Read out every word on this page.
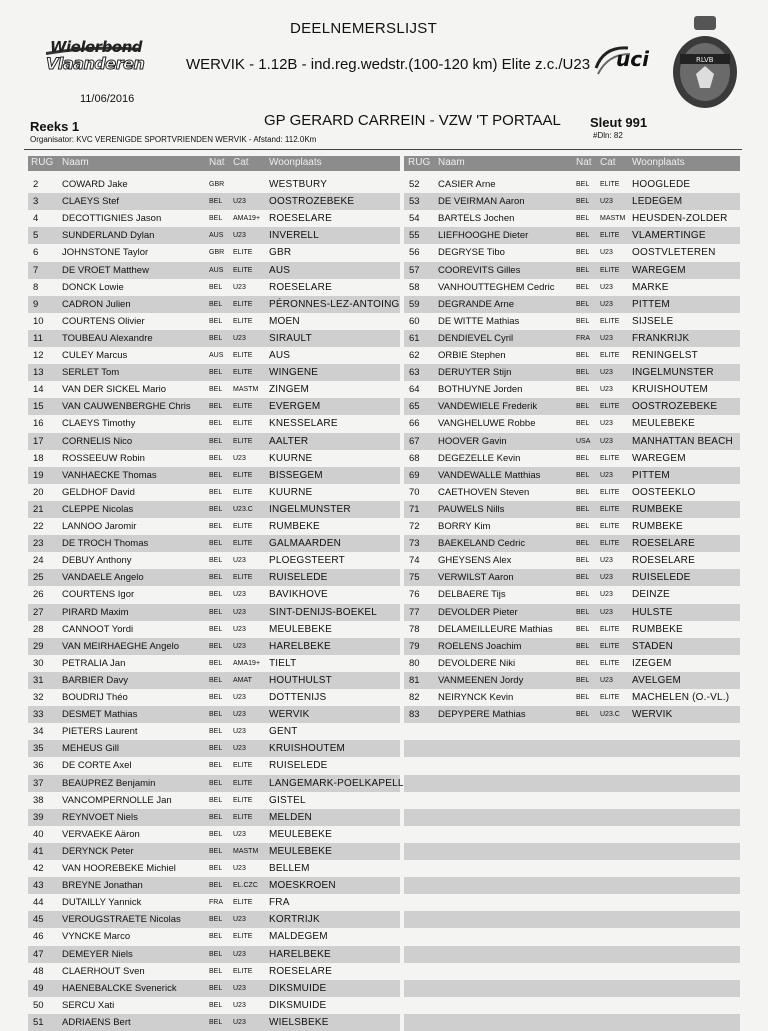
Wielerbond
Vlaanderen
11/06/2016
DEELNEMERSLIJST
WERVIK - 1.12B - ind.reg.wedstr.(100-120 km) Elite z.c./U23 uci	RLVB
Reeks 1
Organisator: KVC VERENIGDE SPORTVRIENDEN WERVIK - Afstand: 112.0Km
GP GERARD CARREIN - VZW 'T PORTAAL Sleut 991
#Dln: 82
RUG Naam	Nat Cat Woonplaats	RUG Naam	Nat Cat Woonplaats
2 COWARD Jake	GBR	WESTBURY
3 CLAEYS Stef	BEL U23 OOSTROZEBEKE
4 DECOTTIGNIES Jason	BEL AMA19+ ROESELARE
5 SUNDERLAND Dylan	AUS U23 INVERELL
6 JOHNSTONE Taylor	GBR ELITE GBR
7 DE VROET Matthew	AUS ELITE AUS
8 DONCK Lowie	BEL U23 ROESELARE
9 CADRON Julien	BEL ELITE PÉRONNES-LEZ-ANTOING
10 COURTENS Olivier	BEL ELITE MOEN
11 TOUBEAU Alexandre	BEL U23 SIRAULT
12 CULEY Marcus	AUS ELITE AUS
13 SERLET Tom	BEL ELITE WINGENE
14 VAN DER SICKEL Mario	BEL MASTM ZINGEM
15 VAN CAUWENBERGHE Chris	BEL ELITE EVERGEM
16 CLAEYS Timothy	BEL ELITE KNESSELARE
17 CORNELIS Nico	BEL ELITE AALTER
18 ROSSEEUW Robin	BEL U23 KUURNE
19 VANHAECKE Thomas	BEL ELITE BISSEGEM
20 GELDHOF David	BEL ELITE KUURNE
21 CLEPPE Nicolas	BEL U23.C INGELMUNSTER
22 LANNOO Jaromir	BEL ELITE RUMBEKE
23 DE TROCH Thomas	BEL ELITE GALMAARDEN
24 DEBUY Anthony	BEL U23 PLOEGSTEERT
25 VANDAELE Angelo	BEL ELITE RUISELEDE
26 COURTENS Igor	BEL U23 BAVIKHOVE
27 PIRARD Maxim	BEL U23 SINT-DENIJS-BOEKEL
28 CANNOOT Yordi	BEL U23 MEULEBEKE
29 VAN MEIRHAEGHE Angelo	BEL U23 HARELBEKE
30 PETRALIA Jan	BEL AMA19+ TIELT
31 BARBIER Davy	BEL AMAT HOUTHULST
32 BOUDRIJ Théo	BEL U23 DOTTENIJS
33 DESMET Mathias	BEL U23 WERVIK
34 PIETERS Laurent	BEL U23 GENT
35 MEHEUS Gill	BEL U23 KRUISHOUTEM
36 DE CORTE Axel	BEL ELITE RUISELEDE
37 BEAUPREZ Benjamin	BEL ELITE LANGEMARK-POELKAPELL
38 VANCOMPERNOLLE Jan	BEL ELITE GISTEL
39 REYNVOET Niels	BEL ELITE MELDEN
40 VERVAEKE Aäron	BEL U23 MEULEBEKE
41 DERYNCK Peter	BEL MASTM MEULEBEKE
42 VAN HOOREBEKE Michiel	BEL U23 BELLEM
43 BREYNE Jonathan	BEL EL.CZC MOESKROEN
44 DUTAILLY Yannick	FRA ELITE FRA
45 VEROUGSTRAETE Nicolas	BEL U23 KORTRIJK
46 VYNCKE Marco	BEL ELITE MALDEGEM
47 DEMEYER Niels	BEL U23 HARELBEKE
48 CLAERHOUT Sven	BEL ELITE ROESELARE
49 HAENEBALCKE Svenerick	BEL U23 DIKSMUIDE
50 SERCU Xati	BEL U23 DIKSMUIDE
51 ADRIAENS Bert	BEL U23 WIELSBEKE
52 CASIER Arne	BEL ELITE HOOGLEDE
53 DE VEIRMAN Aaron	BEL U23 LEDEGEM
54 BARTELS Jochen	BEL MASTM HEUSDEN-ZOLDER
55 LIEFHOOGHE Dieter	BEL ELITE VLAMERTINGE
56 DEGRYSE Tibo	BEL U23 OOSTVLETEREN
57 COOREVITS Gilles	BEL ELITE WAREGEM
58 VANHOUTTEGHEM Cedric	BEL U23 MARKE
59 DEGRANDE Arne	BEL U23 PITTEM
60 DE WITTE Mathias	BEL ELITE SIJSELE
61 DENDIEVEL Cyril	FRA U23 FRANKRIJK
62 ORBIE Stephen	BEL ELITE RENINGELST
63 DERUYTER Stijn	BEL U23 INGELMUNSTER
64 BOTHUYNE Jorden	BEL U23 KRUISHOUTEM
65 VANDEWIELE Frederik	BEL ELITE OOSTROZEBEKE
66 VANGHELUWE Robbe	BEL U23 MEULEBEKE
67 HOOVER Gavin	USA U23 MANHATTAN BEACH
68 DEGEZELLE Kevin	BEL ELITE WAREGEM
69 VANDEWALLE Matthias	BEL U23 PITTEM
70 CAETHOVEN Steven	BEL ELITE OOSTEEKLO
71 PAUWELS Nills	BEL ELITE RUMBEKE
72 BORRY Kim	BEL ELITE RUMBEKE
73 BAEKELAND Cedric	BEL ELITE ROESELARE
74 GHEYSENS Alex	BEL U23 ROESELARE
75 VERWILST Aaron	BEL U23 RUISELEDE
76 DELBAERE Tijs	BEL U23 DEINZE
77 DEVOLDER Pieter	BEL U23 HULSTE
78 DELAMEILLEURE Mathias	BEL ELITE RUMBEKE
79 ROELENS Joachim	BEL ELITE STADEN
80 DEVOLDERE Niki	BEL ELITE IZEGEM
81 VANMEENEN Jordy	BEL U23 AVELGEM
82 NEIRYNCK Kevin	BEL ELITE MACHELEN (O.-VL.)
83 DEPYPERE Mathias	BEL U23.C WERVIK
